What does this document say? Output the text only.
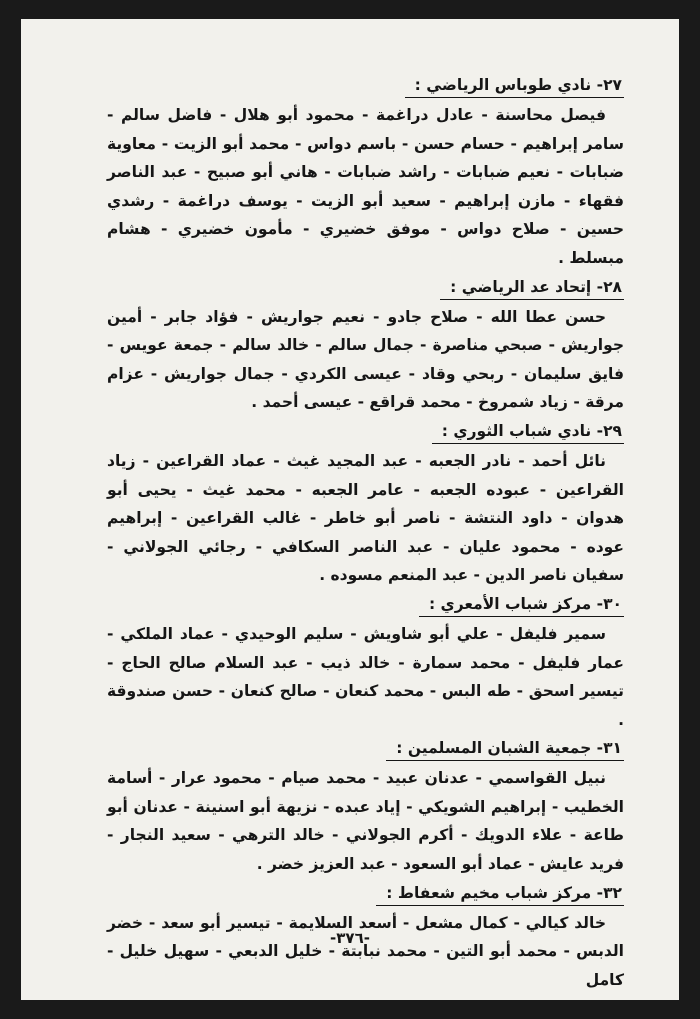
٢٧- نادي طوباس الرياضي :

فيصل محاسنة - عادل دراغمة - محمود أبو هلال - فاضل سالم - سامر إبراهيم - حسام حسن - باسم دواس - محمد أبو الزيت - معاوية ضبابات - نعيم ضبابات - راشد ضبابات - هاني أبو صبيح - عبد الناصر فقهاء - مازن إبراهيم - سعيد أبو الزيت - يوسف دراغمة - رشدي حسين - صلاح دواس - موفق خضيري - مأمون خضيري - هشام مبسلط .

٢٨- إتحاد عد الرياضي :

حسن عطا الله - صلاح جادو - نعيم جواريش - فؤاد جابر - أمين جواريش - صبحي مناصرة - جمال سالم - خالد سالم - جمعة عويس - فايق سليمان - ربحي وقاد - عيسى الكردي - جمال جواريش - عزام مرقة - زياد شمروخ - محمد قراقع - عيسى أحمد .

٢٩- نادي شباب الثوري :

نائل أحمد - نادر الجعبه - عبد المجيد غيث - عماد القراعين - زياد القراعين - عبوده الجعبه - عامر الجعبه - محمد غيث - يحيى أبو هدوان - داود النتشة - ناصر أبو خاطر - غالب القراعين - إبراهيم عوده - محمود عليان - عبد الناصر السكافي - رجائي الجولاني - سفيان ناصر الدين - عبد المنعم مسوده .

٣٠- مركز شباب الأمعري :

سمير فليفل - علي أبو شاويش - سليم الوحيدي - عماد الملكي - عمار فليفل - محمد سمارة - خالد ذيب - عبد السلام صالح الحاج - تيسير اسحق - طه البس - محمد كنعان - صالح كنعان - حسن صندوقة .

٣١- جمعية الشبان المسلمين :

نبيل القواسمي - عدنان عبيد - محمد صيام - محمود عرار - أسامة الخطيب - إبراهيم الشويكي - إياد عبده - نزيهة أبو اسنينة - عدنان أبو طاعة - علاء الدويك - أكرم الجولاني - خالد الترهي - سعيد النجار - فريد عايش - عماد أبو السعود - عبد العزيز خضر .

٣٢- مركز شباب مخيم شعفاط :

خالد كيالي - كمال مشعل - أسعد السلايمة - تيسير أبو سعد - خضر الدبس - محمد أبو التين - محمد نبابتة - خليل الدبعي - سهيل خليل - كامل

-٣٧٦-
